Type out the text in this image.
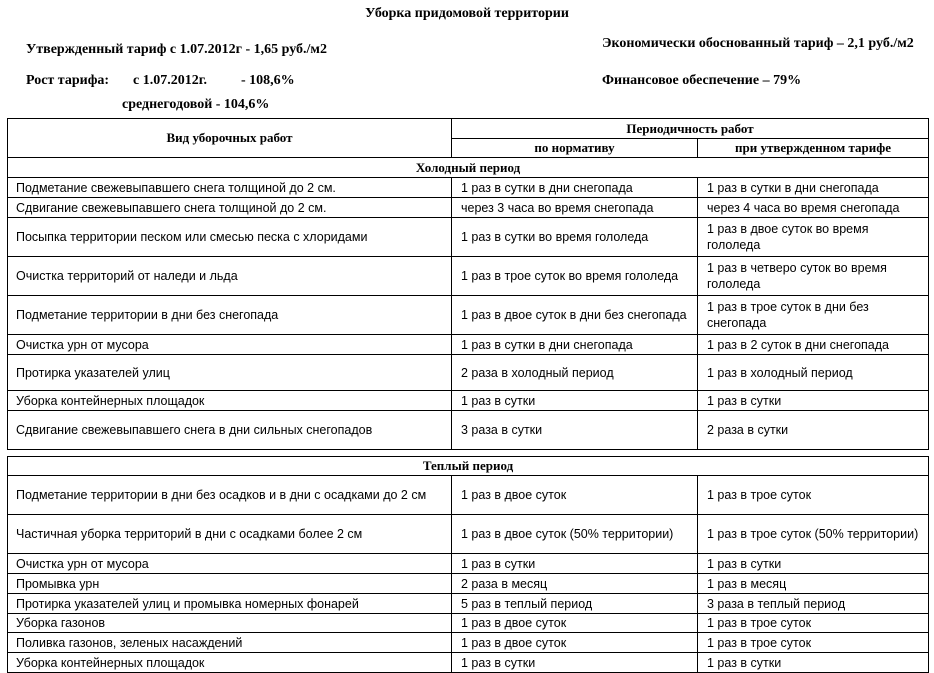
Уборка придомовой территории
Утвержденный тариф с 1.07.2012г - 1,65 руб./м2
Рост тарифа: с 1.07.2012г. - 108,6%
среднегодовой - 104,6%
Экономически обоснованный тариф – 2,1 руб./м2
Финансовое обеспечение – 79%
Вид уборочных работ	Периодичность работ	
	по нормативу	при утвержденном тарифе
Холодный период		
Подметание свежевыпавшего снега толщиной до 2 см.	1 раз в сутки в дни снегопада	1 раз в сутки в дни снегопада
Сдвигание свежевыпавшего снега толщиной до 2 см.	через 3 часа во время снегопада	через 4 часа во время снегопада
Посыпка территории песком или смесью песка с хлоридами	1 раз в сутки во время гололеда	1 раз в двое суток во время гололеда
Очистка территорий от наледи и льда	1 раз в трое суток во время гололеда	1 раз в четверо суток во время гололеда
Подметание территории в дни без снегопада	1 раз в двое суток в дни без снегопада	1 раз в трое суток в дни без снегопада
Очистка урн от мусора	1 раз в сутки в дни снегопада	1 раз в 2 суток в дни снегопада
Протирка указателей улиц	2 раза в холодный период	1 раз в холодный период
Уборка контейнерных площадок	1 раз в сутки	1 раз в сутки
Сдвигание свежевыпавшего снега в дни сильных снегопадов	3 раза в сутки	2 раза в сутки

Теплый период		
Подметание территории в дни без осадков и в дни с осадками до 2 см	1 раз в двое суток	1 раз в трое суток
Частичная уборка территорий в дни с осадками более 2 см	1 раз в двое суток (50% территории)	1 раз в трое суток (50% территории)
Очистка урн от мусора	1 раз в сутки	1 раз в сутки
Промывка урн	2 раза в месяц	1 раз в месяц
Протирка указателей улиц и промывка номерных фонарей	5 раз в теплый период	3 раза в теплый период
Уборка газонов	1 раз в двое суток	1 раз в трое суток
Поливка газонов, зеленых насаждений	1 раз в двое суток	1 раз в трое суток
Уборка контейнерных площадок	1 раз в сутки	1 раз в сутки
